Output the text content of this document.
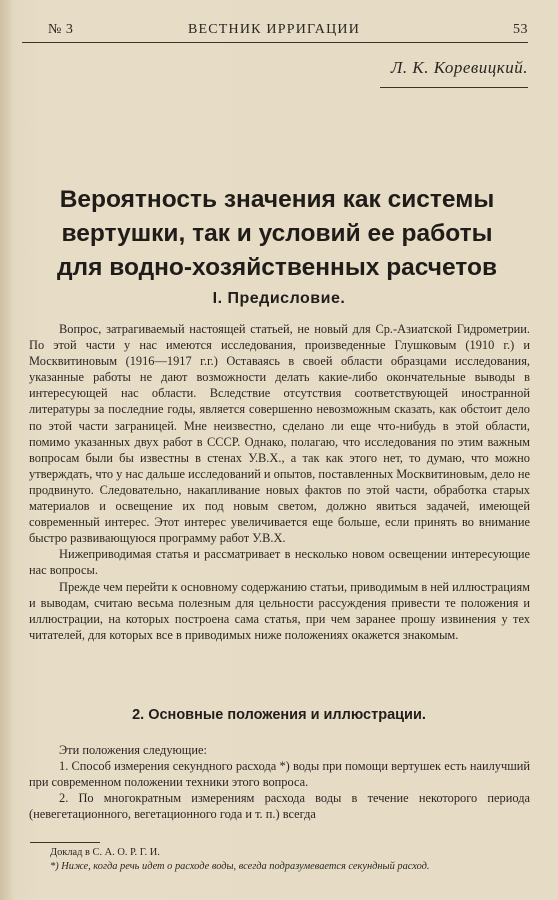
№ 3	ВЕСТНИК ИРРИГАЦИИ	53
Л. К. Коревицкий.
Вероятность значения как системы
вертушки, так и условий ее работы
для водно-хозяйственных расчетов
I. Предисловие.

Вопрос, затрагиваемый настоящей статьей, не новый для Ср.-Азиатской Гидрометрии. По этой части у нас имеются исследования, произведенные Глушковым (1910 г.) и Москвитиновым (1916—1917 г.г.) Оставаясь в своей области образцами исследования, указанные работы не дают возможности делать какие-либо окончательные выводы в интересующей нас области. Вследствие отсутствия соответствующей иностранной литературы за последние годы, является совершенно невозможным сказать, как обстоит дело по этой части заграницей. Мне неизвестно, сделано ли еще что-нибудь в этой области, помимо указанных двух работ в СССР. Однако, полагаю, что исследования по этим важным вопросам были бы известны в стенах У.В.Х., а так как этого нет, то думаю, что можно утверждать, что у нас дальше исследований и опытов, поставленных Москвитиновым, дело не продвинуто. Следовательно, накапливание новых фактов по этой части, обработка старых материалов и освещение их под новым светом, должно явиться задачей, имеющей современный интерес. Этот интерес увеличивается еще больше, если принять во внимание быстро развивающуюся программу работ У.В.Х.

Нижеприводимая статья и рассматривает в несколько новом освещении интересующие нас вопросы.

Прежде чем перейти к основному содержанию статьи, приводимым в ней иллюстрациям и выводам, считаю весьма полезным для цельности рассуждения привести те положения и иллюстрации, на которых построена сама статья, при чем заранее прошу извинения у тех читателей, для которых все в приводимых ниже положениях окажется знакомым.

2. Основные положения и иллюстрации.

Эти положения следующие:

1. Способ измерения секундного расхода *) воды при помощи вертушек есть наилучший при современном положении техники этого вопроса.

2. По многократным измерениям расхода воды в течение некоторого периода (невегетационного, вегетационного года и т. п.) всегда

Доклад в С. А. О. Р. Г. И.

*) Ниже, когда речь идет о расходе воды, всегда подразумевается секундный расход.
